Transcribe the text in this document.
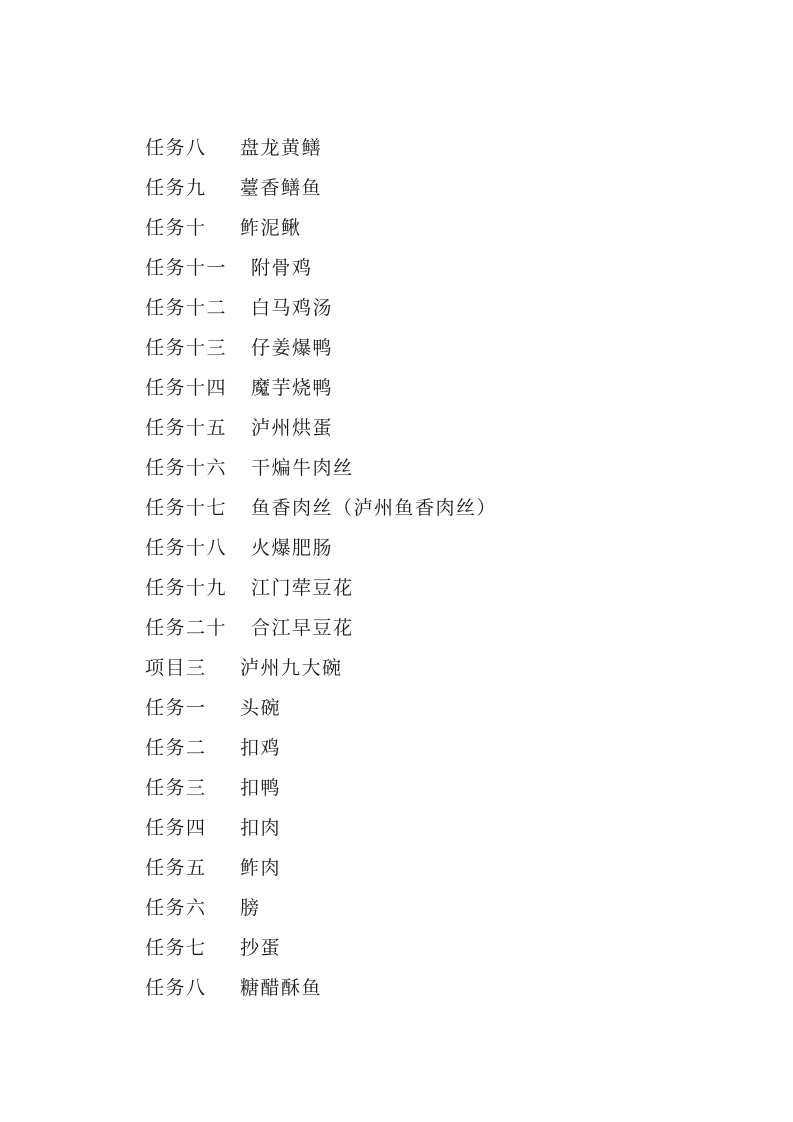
任务八	盘龙黄鳝
任务九	薹香鳝鱼
任务十	鲊泥鳅
任务十一	附骨鸡
任务十二	白马鸡汤
任务十三	仔姜爆鸭
任务十四	魔芋烧鸭
任务十五	泸州烘蛋
任务十六	干煸牛肉丝
任务十七	鱼香肉丝（泸州鱼香肉丝）
任务十八	火爆肥肠
任务十九	江门荦豆花
任务二十	合江早豆花
项目三	泸州九大碗
任务一	头碗
任务二	扣鸡
任务三	扣鸭
任务四	扣肉
任务五	鲊肉
任务六	膀
任务七	抄蛋
任务八	糖醋酥鱼
